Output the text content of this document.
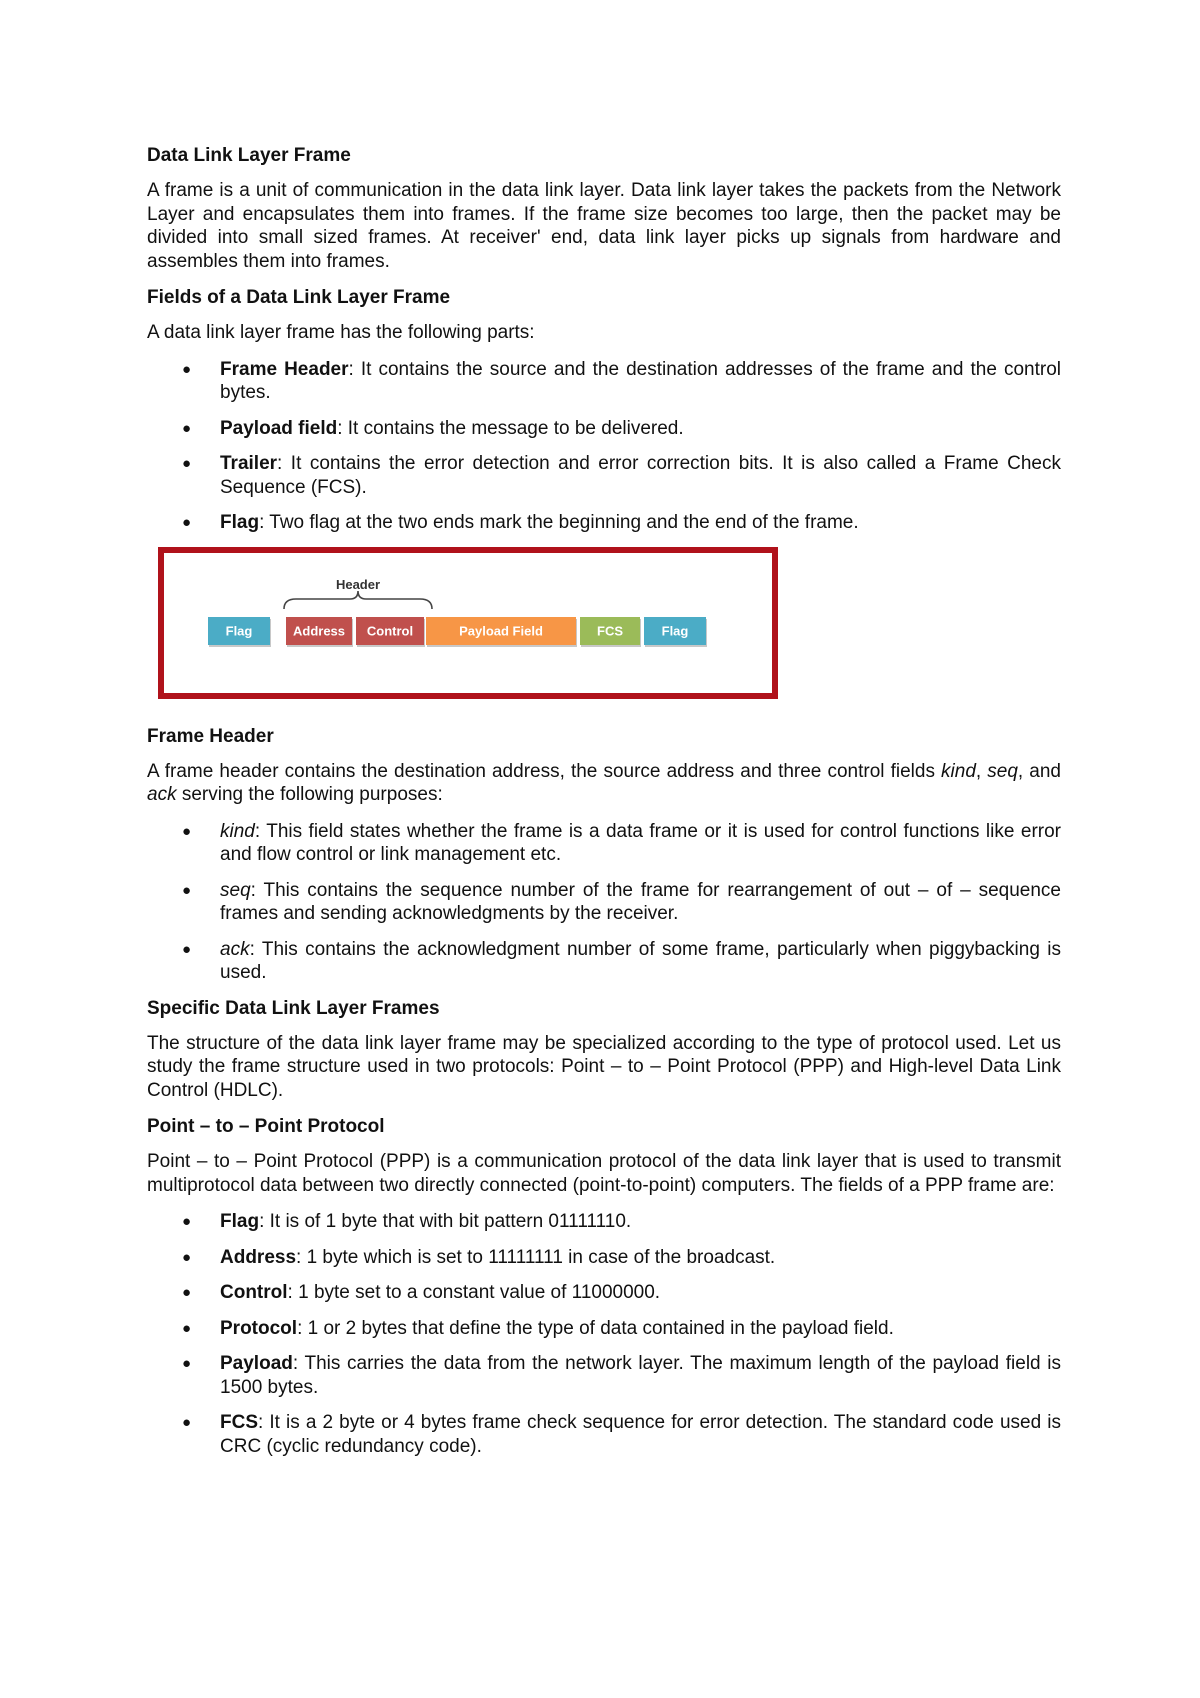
Data Link Layer Frame

A frame is a unit of communication in the data link layer. Data link layer takes the packets from the Network Layer and encapsulates them into frames. If the frame size becomes too large, then the packet may be divided into small sized frames. At receiver' end, data link layer picks up signals from hardware and assembles them into frames.

Fields of a Data Link Layer Frame

A data link layer frame has the following parts:

● Frame Header: It contains the source and the destination addresses of the frame and the control bytes.
● Payload field: It contains the message to be delivered.
● Trailer: It contains the error detection and error correction bits. It is also called a Frame Check Sequence (FCS).
● Flag: Two flag at the two ends mark the beginning and the end of the frame.
Header
Flag	Address Control	Payload Field	FCS	Flag
Frame Header

A frame header contains the destination address, the source address and three control fields kind, seq, and ack serving the following purposes:

● kind: This field states whether the frame is a data frame or it is used for control functions like error and flow control or link management etc.
● seq: This contains the sequence number of the frame for rearrangement of out – of – sequence frames and sending acknowledgments by the receiver.
● ack: This contains the acknowledgment number of some frame, particularly when piggybacking is used.
Specific Data Link Layer Frames

The structure of the data link layer frame may be specialized according to the type of protocol used. Let us study the frame structure used in two protocols: Point – to – Point Protocol (PPP) and High-level Data Link Control (HDLC).

Point – to – Point Protocol

Point – to – Point Protocol (PPP) is a communication protocol of the data link layer that is used to transmit multiprotocol data between two directly connected (point-to-point) computers. The fields of a PPP frame are:

● Flag: It is of 1 byte that with bit pattern 01111110.
● Address: 1 byte which is set to 11111111 in case of the broadcast.
● Control: 1 byte set to a constant value of 11000000.
● Protocol: 1 or 2 bytes that define the type of data contained in the payload field.
● Payload: This carries the data from the network layer. The maximum length of the payload field is 1500 bytes.
● FCS: It is a 2 byte or 4 bytes frame check sequence for error detection. The standard code used is CRC (cyclic redundancy code).
